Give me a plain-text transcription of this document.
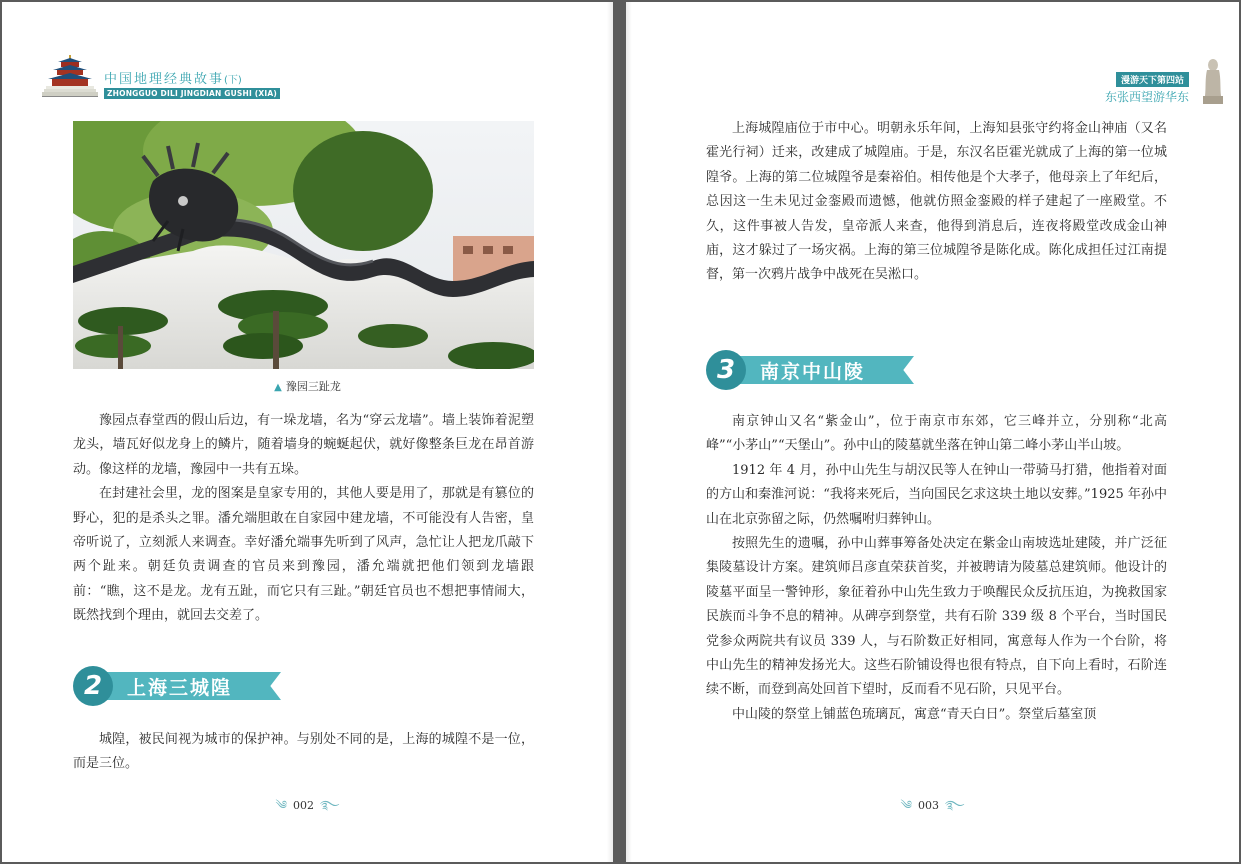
中国地理经典故事(下)
ZHONGGUO DILI JINGDIAN GUSHI (XIA)
▲ 豫园三趾龙

豫园点春堂西的假山后边，有一垛龙墙，名为“穿云龙墙”。墙上装饰着泥塑龙头，墙瓦好似龙身上的鳞片，随着墙身的蜿蜒起伏，就好像整条巨龙在昂首游动。像这样的龙墙，豫园中一共有五垛。

在封建社会里，龙的图案是皇家专用的，其他人要是用了，那就是有篡位的野心，犯的是杀头之罪。潘允端胆敢在自家园中建龙墙，不可能没有人告密，皇帝听说了，立刻派人来调查。幸好潘允端事先听到了风声，急忙让人把龙爪敲下两个趾来。朝廷负责调查的官员来到豫园，潘允端就把他们领到龙墙跟前：“瞧，这不是龙。龙有五趾，而它只有三趾。”朝廷官员也不想把事情闹大，既然找到个理由，就回去交差了。

2	上海三城隍

城隍，被民间视为城市的保护神。与别处不同的是，上海的城隍不是一位，而是三位。

༄ 002 ࿐
漫游天下第四站
东张西望游华东

上海城隍庙位于市中心。明朝永乐年间，上海知县张守约将金山神庙（又名霍光行祠）迁来，改建成了城隍庙。于是，东汉名臣霍光就成了上海的第一位城隍爷。上海的第二位城隍爷是秦裕伯。相传他是个大孝子，他母亲上了年纪后，总因这一生未见过金銮殿而遗憾，他就仿照金銮殿的样子建起了一座殿堂。不久，这件事被人告发，皇帝派人来查，他得到消息后，连夜将殿堂改成金山神庙，这才躲过了一场灾祸。上海的第三位城隍爷是陈化成。陈化成担任过江南提督，第一次鸦片战争中战死在吴淞口。

3	南京中山陵

南京钟山又名“紫金山”，位于南京市东郊，它三峰并立，分别称“北高峰”“小茅山”“天堡山”。孙中山的陵墓就坐落在钟山第二峰小茅山半山坡。

1912 年 4 月，孙中山先生与胡汉民等人在钟山一带骑马打猎，他指着对面的方山和秦淮河说：“我将来死后，当向国民乞求这块土地以安葬。”1925 年孙中山在北京弥留之际，仍然嘱咐归葬钟山。

按照先生的遗嘱，孙中山葬事筹备处决定在紫金山南坡选址建陵，并广泛征集陵墓设计方案。建筑师吕彦直荣获首奖，并被聘请为陵墓总建筑师。他设计的陵墓平面呈一警钟形，象征着孙中山先生致力于唤醒民众反抗压迫，为挽救国家民族而斗争不息的精神。从碑亭到祭堂，共有石阶 339 级 8 个平台，当时国民党参众两院共有议员 339 人，与石阶数正好相同，寓意每人作为一个台阶，将中山先生的精神发扬光大。这些石阶铺设得也很有特点，自下向上看时，石阶连续不断，而登到高处回首下望时，反而看不见石阶，只见平台。

中山陵的祭堂上铺蓝色琉璃瓦，寓意“青天白日”。祭堂后墓室顶

༄ 003 ࿐
